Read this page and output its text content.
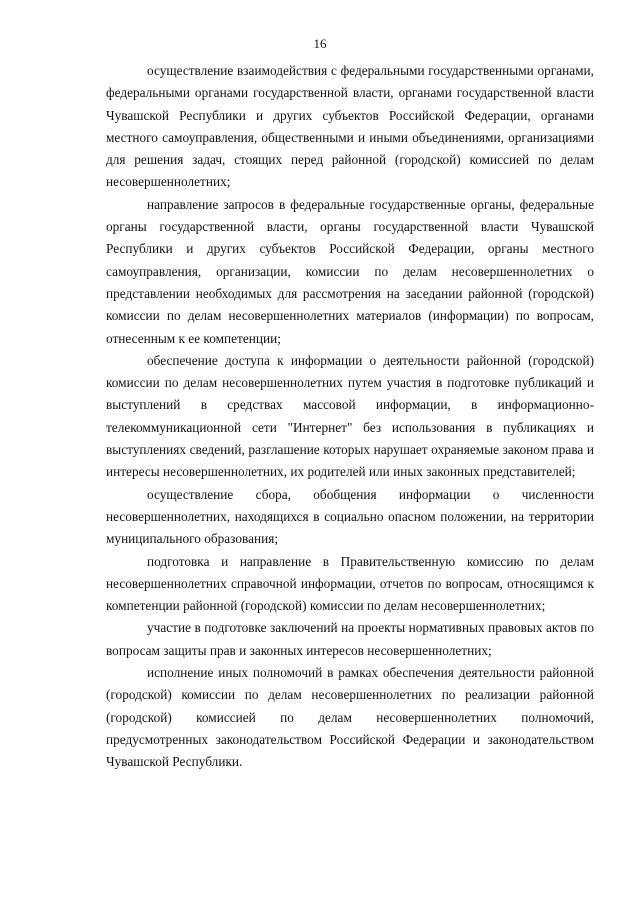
16

осуществление взаимодействия с федеральными государственными органами, федеральными органами государственной власти, органами государственной власти Чувашской Республики и других субъектов Российской Федерации, органами местного самоуправления, общественными и иными объединениями, организациями для решения задач, стоящих перед районной (городской) комиссией по делам несовершеннолетних;

направление запросов в федеральные государственные органы, федеральные органы государственной власти, органы государственной власти Чувашской Республики и других субъектов Российской Федерации, органы местного самоуправления, организации, комиссии по делам несовершеннолетних о представлении необходимых для рассмотрения на заседании районной (городской) комиссии по делам несовершеннолетних материалов (информации) по вопросам, отнесенным к ее компетенции;

обеспечение доступа к информации о деятельности районной (городской) комиссии по делам несовершеннолетних путем участия в подготовке публикаций и выступлений в средствах массовой информации, в информационно-телекоммуникационной сети "Интернет" без использования в публикациях и выступлениях сведений, разглашение которых нарушает охраняемые законом права и интересы несовершеннолетних, их родителей или иных законных представителей;

осуществление сбора, обобщения информации о численности несовершеннолетних, находящихся в социально опасном положении, на территории муниципального образования;

подготовка и направление в Правительственную комиссию по делам несовершеннолетних справочной информации, отчетов по вопросам, относящимся к компетенции районной (городской) комиссии по делам несовершеннолетних;

участие в подготовке заключений на проекты нормативных правовых актов по вопросам защиты прав и законных интересов несовершеннолетних;

исполнение иных полномочий в рамках обеспечения деятельности районной (городской) комиссии по делам несовершеннолетних по реализации районной (городской) комиссией по делам несовершеннолетних полномочий, предусмотренных законодательством Российской Федерации и законодательством Чувашской Республики.
